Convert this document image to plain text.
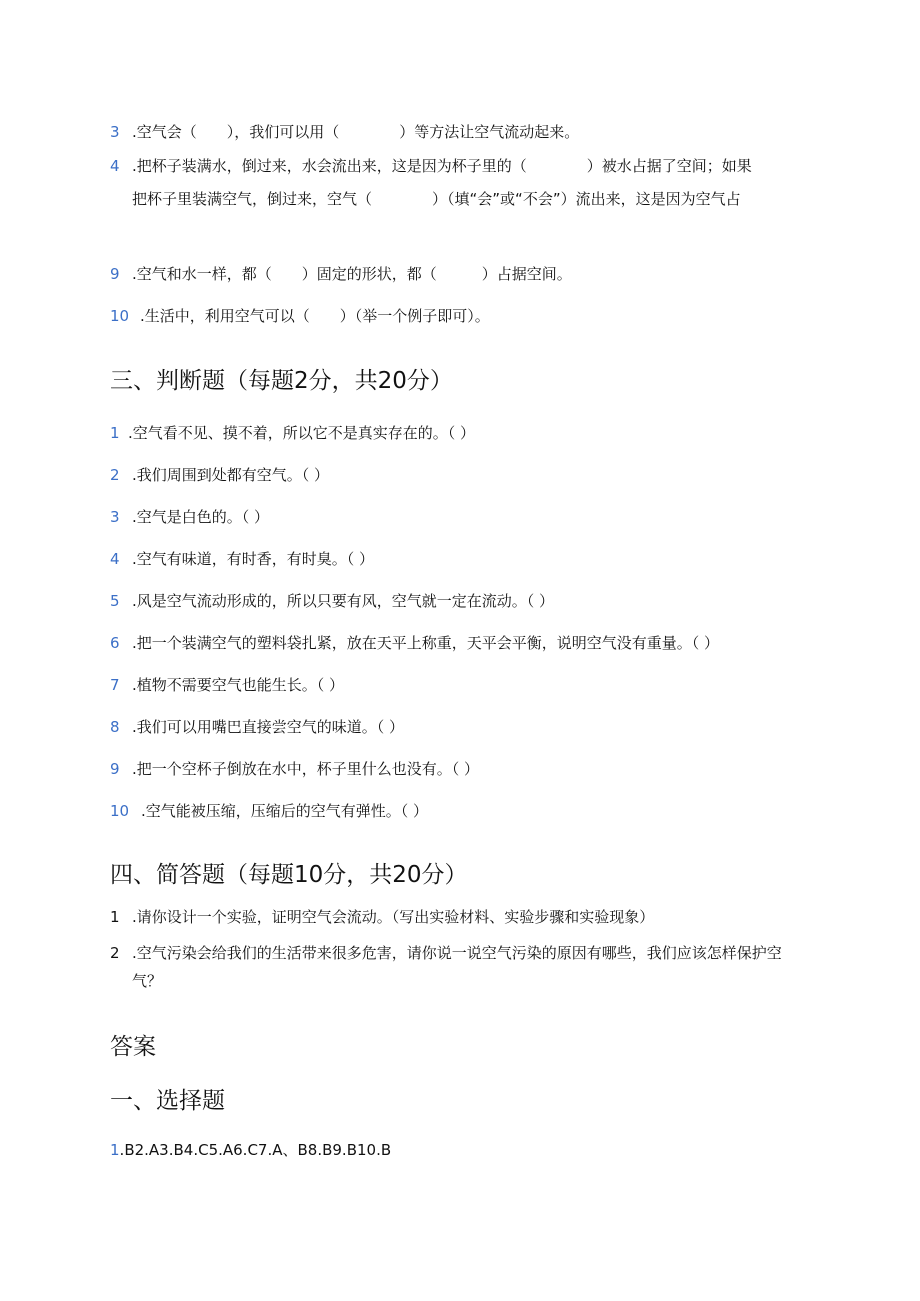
3 .空气会（　　），我们可以用（　　　　）等方法让空气流动起来。
4 .把杯子装满水，倒过来，水会流出来，这是因为杯子里的（　　　　）被水占据了空间；如果
把杯子里装满空气，倒过来，空气（　　　　）（填“会”或“不会”）流出来，这是因为空气占
9 .空气和水一样，都（　　）固定的形状，都（　　　）占据空间。
10 .生活中，利用空气可以（　　）（举一个例子即可）。
三、判断题（每题2分，共20分）
1 .空气看不见、摸不着，所以它不是真实存在的。（ ）
2 .我们周围到处都有空气。（ ）
3 .空气是白色的。（ ）
4 .空气有味道，有时香，有时臭。（ ）
5 .风是空气流动形成的，所以只要有风，空气就一定在流动。（ ）
6 .把一个装满空气的塑料袋扎紧，放在天平上称重，天平会平衡，说明空气没有重量。（ ）
7 .植物不需要空气也能生长。（ ）
8 .我们可以用嘴巴直接尝空气的味道。（ ）
9 .把一个空杯子倒放在水中，杯子里什么也没有。（ ）
10 .空气能被压缩，压缩后的空气有弹性。（ ）
四、简答题（每题10分，共20分）
1 .请你设计一个实验，证明空气会流动。（写出实验材料、实验步骤和实验现象）
2 .空气污染会给我们的生活带来很多危害，请你说一说空气污染的原因有哪些，我们应该怎样保护空
气？
答案
一、选择题
1.B2.A3.B4.C5.A6.C7.A、B8.B9.B10.B
